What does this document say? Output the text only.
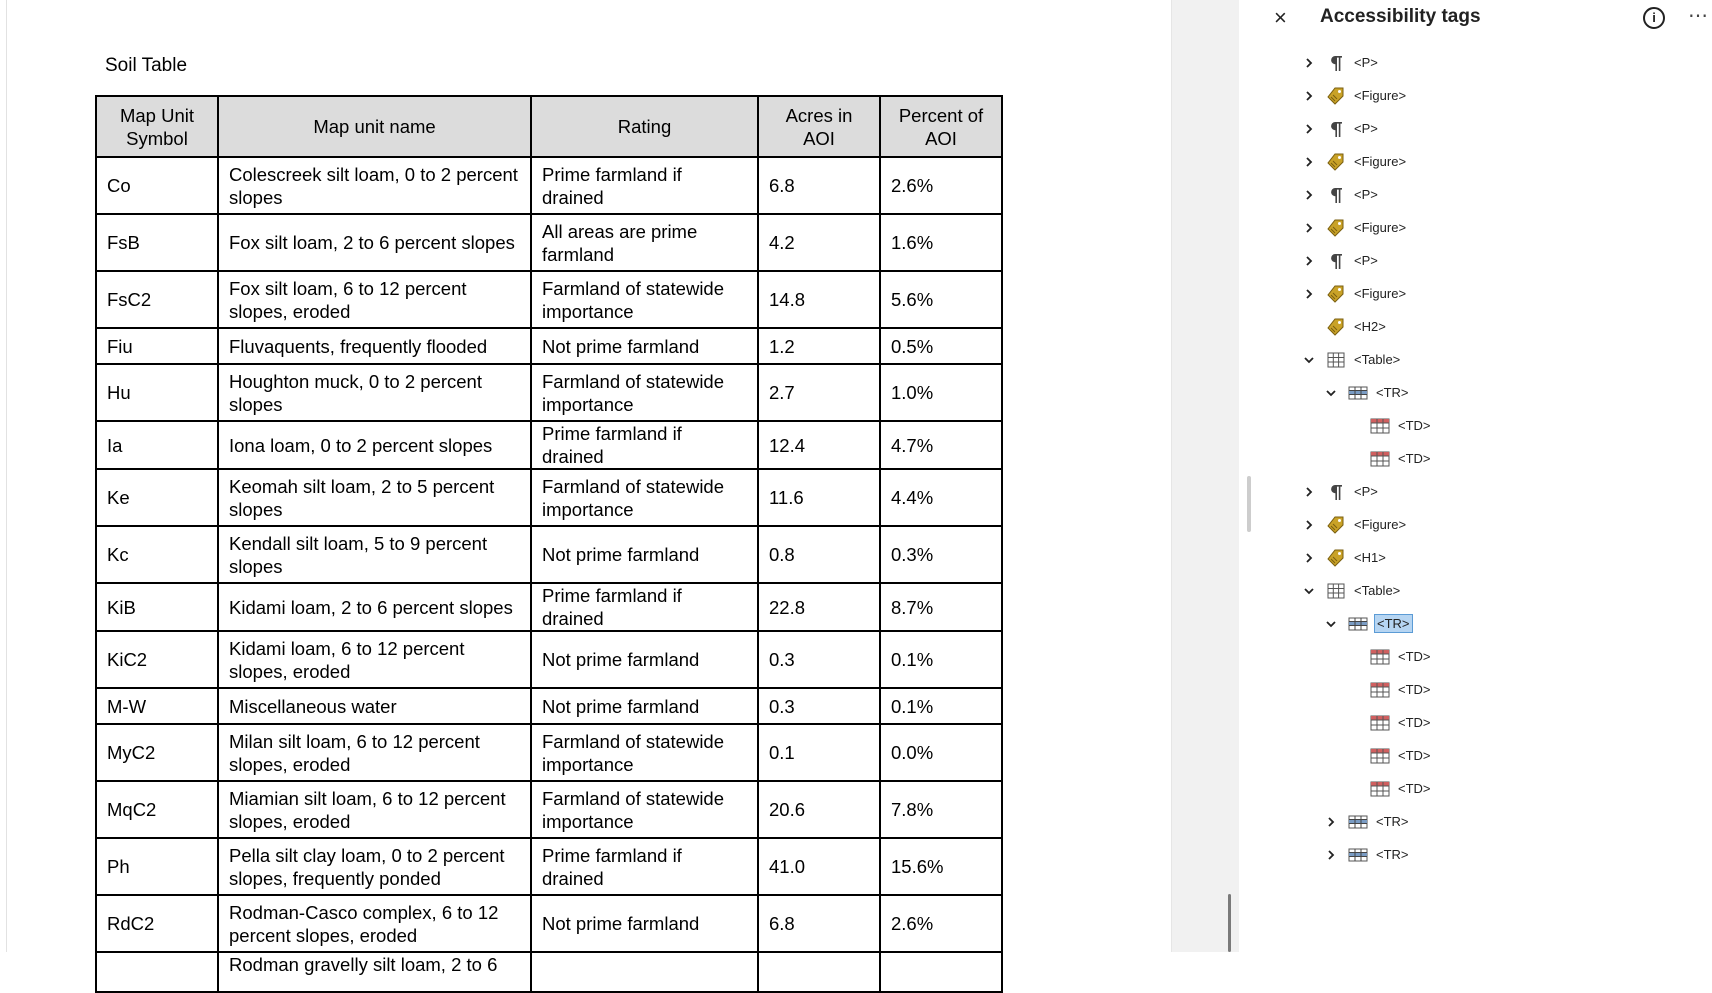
Soil Table
Map Unit Symbol	Map unit name	Rating	Acres in AOI	Percent of AOI
Co	Colescreek silt loam, 0 to 2 percent slopes	Prime farmland if drained	6.8	2.6%
FsB	Fox silt loam, 2 to 6 percent slopes	All areas are prime farmland	4.2	1.6%
FsC2	Fox silt loam, 6 to 12 percent slopes, eroded	Farmland of statewide importance	14.8	5.6%
Fiu	Fluvaquents, frequently flooded	Not prime farmland	1.2	0.5%
Hu	Houghton muck, 0 to 2 percent slopes	Farmland of statewide importance	2.7	1.0%
Ia	Iona loam, 0 to 2 percent slopes	Prime farmland if drained	12.4	4.7%
Ke	Keomah silt loam, 2 to 5 percent slopes	Farmland of statewide importance	11.6	4.4%
Kc	Kendall silt loam, 5 to 9 percent slopes	Not prime farmland	0.8	0.3%
KiB	Kidami loam, 2 to 6 percent slopes	Prime farmland if drained	22.8	8.7%
KiC2	Kidami loam, 6 to 12 percent slopes, eroded	Not prime farmland	0.3	0.1%
M-W	Miscellaneous water	Not prime farmland	0.3	0.1%
MyC2	Milan silt loam, 6 to 12 percent slopes, eroded	Farmland of statewide importance	0.1	0.0%
MqC2	Miamian silt loam, 6 to 12 percent slopes, eroded	Farmland of statewide importance	20.6	7.8%
Ph	Pella silt clay loam, 0 to 2 percent slopes, frequently ponded	Prime farmland if drained	41.0	15.6%
RdC2	Rodman-Casco complex, 6 to 12 percent slopes, eroded	Not prime farmland	6.8	2.6%
	Rodman gravelly silt loam, 2 to 6			
× Accessibility tags	i	⋯
<P>
<Figure>
<P>
<Figure>
<P>
<Figure>
<P>
<Figure>
<H2>
<Table>
<TR>
<TD>
<TD>
<P>
<Figure>
<H1>
<Table>
<TR>
<TD>
<TD>
<TD>
<TD>
<TD>
<TR>
<TR>
